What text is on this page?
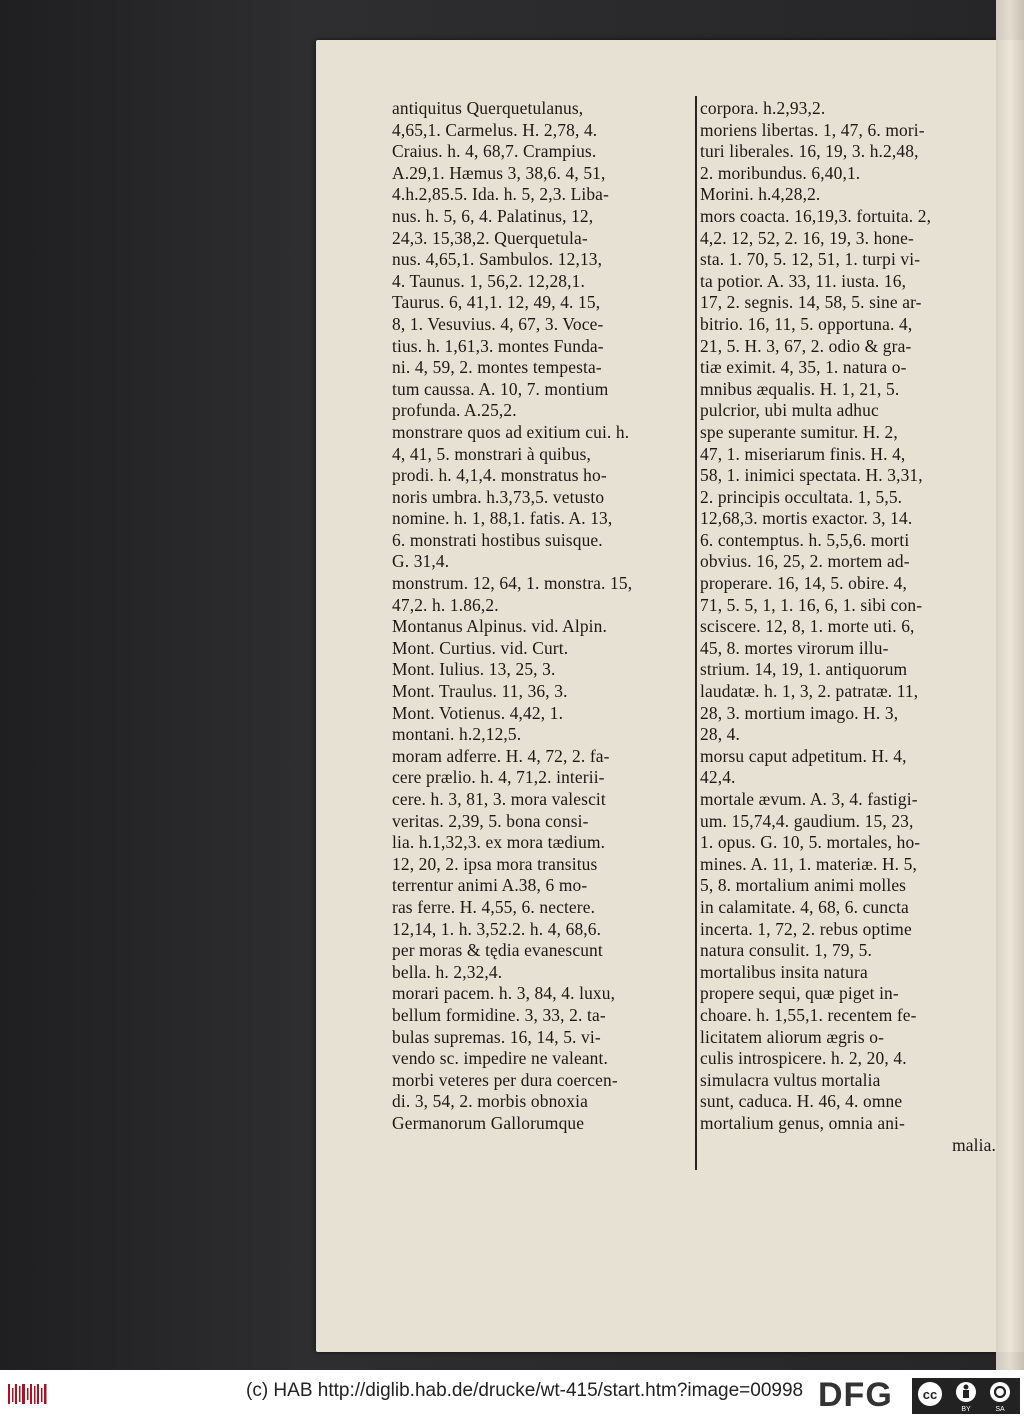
antiquitus Querquetulanus,
4,65,1. Carmelus. H. 2,78, 4.
Craius. h. 4, 68,7. Crampius.
A.29,1. Hæmus 3, 38,6. 4, 51,
4.h.2,85.5. Ida. h. 5, 2,3. Liba-
nus. h. 5, 6, 4. Palatinus, 12,
24,3. 15,38,2. Querquetula-
nus. 4,65,1. Sambulos. 12,13,
4. Taunus. 1, 56,2. 12,28,1.
Taurus. 6, 41,1. 12, 49, 4. 15,
8, 1. Vesuvius. 4, 67, 3. Voce-
tius. h. 1,61,3. montes Funda-
ni. 4, 59, 2. montes tempesta-
tum caussa. A. 10, 7. montium
profunda. A.25,2.
monstrare quos ad exitium cui. h.
4, 41, 5. monstrari à quibus,
prodi. h. 4,1,4. monstratus ho-
noris umbra. h.3,73,5. vetusto
nomine. h. 1, 88,1. fatis. A. 13,
6. monstrati hostibus suisque.
G. 31,4.
monstrum. 12, 64, 1. monstra. 15,
47,2. h. 1.86,2.
Montanus Alpinus. vid. Alpin.
Mont. Curtius. vid. Curt.
Mont. Iulius. 13, 25, 3.
Mont. Traulus. 11, 36, 3.
Mont. Votienus. 4,42, 1.
montani. h.2,12,5.
moram adferre. H. 4, 72, 2. fa-
cere prælio. h. 4, 71,2. interii-
cere. h. 3, 81, 3. mora valescit
veritas. 2,39, 5. bona consi-
lia. h.1,32,3. ex mora tædium.
12, 20, 2. ipsa mora transitus
terrentur animi A.38, 6 mo-
ras ferre. H. 4,55, 6. nectere.
12,14, 1. h. 3,52.2. h. 4, 68,6.
per moras & tędia evanescunt
bella. h. 2,32,4.
morari pacem. h. 3, 84, 4. luxu,
bellum formidine. 3, 33, 2. ta-
bulas supremas. 16, 14, 5. vi-
vendo sc. impedire ne valeant.
morbi veteres per dura coercen-
di. 3, 54, 2. morbis obnoxia
Germanorum Gallorumque
corpora. h.2,93,2.
moriens libertas. 1, 47, 6. mori-
turi liberales. 16, 19, 3. h.2,48,
2. moribundus. 6,40,1.
Morini. h.4,28,2.
mors coacta. 16,19,3. fortuita. 2,
4,2. 12, 52, 2. 16, 19, 3. hone-
sta. 1. 70, 5. 12, 51, 1. turpi vi-
ta potior. A. 33, 11. iusta. 16,
17, 2. segnis. 14, 58, 5. sine ar-
bitrio. 16, 11, 5. opportuna. 4,
21, 5. H. 3, 67, 2. odio & gra-
tiæ eximit. 4, 35, 1. natura o-
mnibus æqualis. H. 1, 21, 5.
pulcrior, ubi multa adhuc
spe superante sumitur. H. 2,
47, 1. miseriarum finis. H. 4,
58, 1. inimici spectata. H. 3,31,
2. principis occultata. 1, 5,5.
12,68,3. mortis exactor. 3, 14.
6. contemptus. h. 5,5,6. morti
obvius. 16, 25, 2. mortem ad-
properare. 16, 14, 5. obire. 4,
71, 5. 5, 1, 1. 16, 6, 1. sibi con-
sciscere. 12, 8, 1. morte uti. 6,
45, 8. mortes virorum illu-
strium. 14, 19, 1. antiquorum
laudatæ. h. 1, 3, 2. patratæ. 11,
28, 3. mortium imago. H. 3,
28, 4.
morsu caput adpetitum. H. 4,
42,4.
mortale ævum. A. 3, 4. fastigi-
um. 15,74,4. gaudium. 15, 23,
1. opus. G. 10, 5. mortales, ho-
mines. A. 11, 1. materiæ. H. 5,
5, 8. mortalium animi molles
in calamitate. 4, 68, 6. cuncta
incerta. 1, 72, 2. rebus optime
natura consulit. 1, 79, 5.
mortalibus insita natura
propere sequi, quæ piget in-
choare. h. 1,55,1. recentem fe-
licitatem aliorum ægris o-
culis introspicere. h. 2, 20, 4.
simulacra vultus mortalia
sunt, caduca. H. 46, 4. omne
mortalium genus, omnia ani-
malia.
(c) HAB http://diglib.hab.de/drucke/wt-415/start.htm?image=00998 DFG cc
BY	SA
